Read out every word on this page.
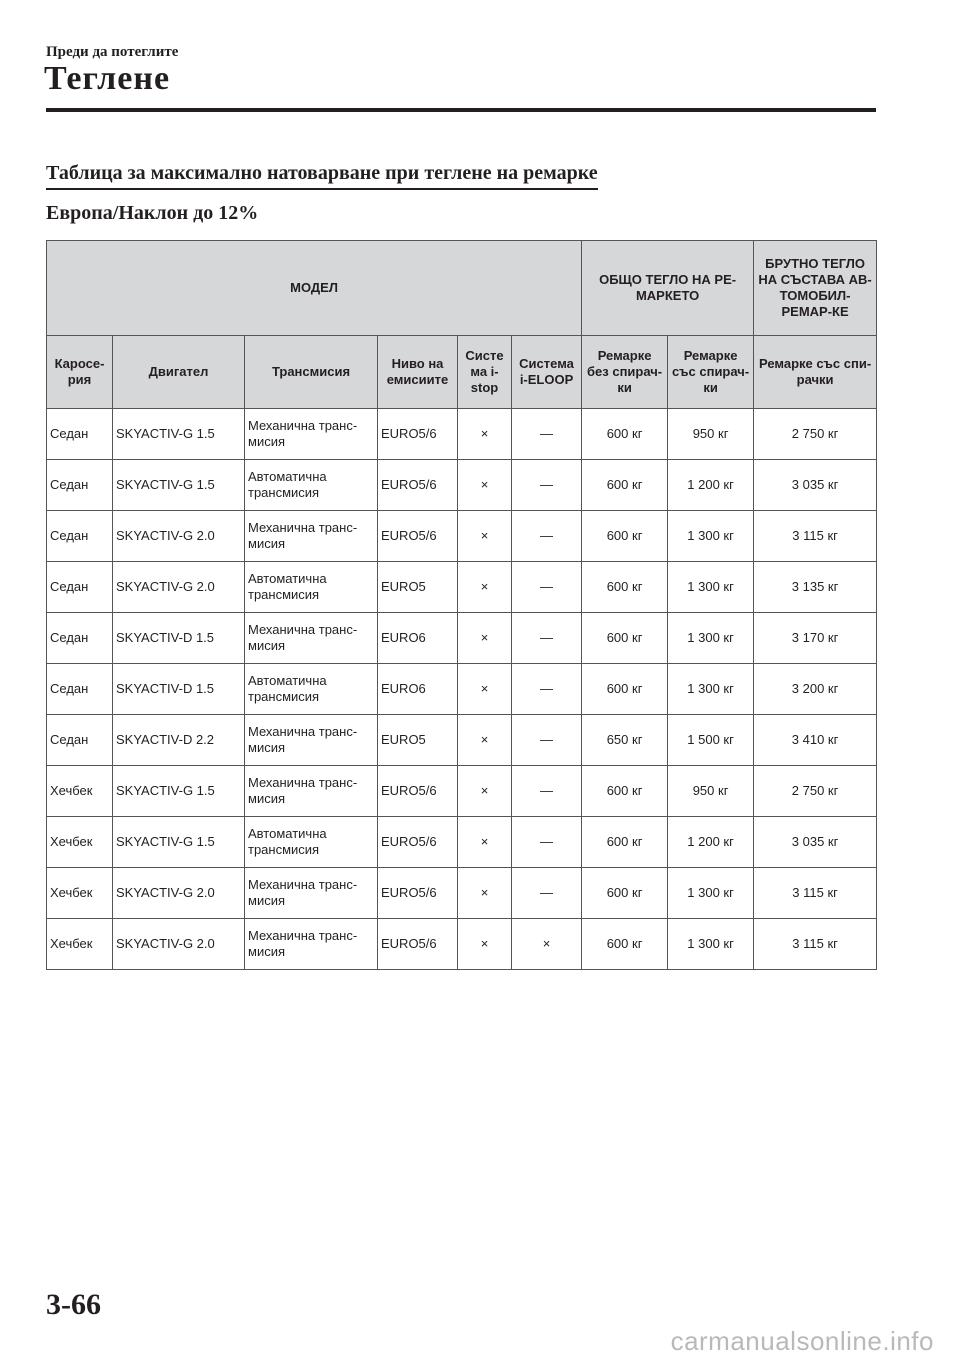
Преди да потеглите
Теглене
Таблица за максимално натоварване при теглене на ремарке
Европа/Наклон до 12%
МОДЕЛ						ОБЩО ТЕГЛО НА РЕ-МАРКЕТО		БРУТНО ТЕГЛО НА СЪСТАВА АВ-ТОМОБИЛ-РЕМАР-КЕ
Каросе-рия	Двигател	Трансмисия	Ниво на емисиите	Систе ма i-stop	Система i-ELOOP	Ремарке без спирач-ки	Ремарке със спирач-ки	Ремарке със спи-рачки
Седан	SKYACTIV-G 1.5	Механична транс-мисия	EURO5/6	×	—	600 кг	950 кг	2 750 кг
Седан	SKYACTIV-G 1.5	Автоматична трансмисия	EURO5/6	×	—	600 кг	1 200 кг	3 035 кг
Седан	SKYACTIV-G 2.0	Механична транс-мисия	EURO5/6	×	—	600 кг	1 300 кг	3 115 кг
Седан	SKYACTIV-G 2.0	Автоматична трансмисия	EURO5	×	—	600 кг	1 300 кг	3 135 кг
Седан	SKYACTIV-D 1.5	Механична транс-мисия	EURO6	×	—	600 кг	1 300 кг	3 170 кг
Седан	SKYACTIV-D 1.5	Автоматична трансмисия	EURO6	×	—	600 кг	1 300 кг	3 200 кг
Седан	SKYACTIV-D 2.2	Механична транс-мисия	EURO5	×	—	650 кг	1 500 кг	3 410 кг
Хечбек	SKYACTIV-G 1.5	Механична транс-мисия	EURO5/6	×	—	600 кг	950 кг	2 750 кг
Хечбек	SKYACTIV-G 1.5	Автоматична трансмисия	EURO5/6	×	—	600 кг	1 200 кг	3 035 кг
Хечбек	SKYACTIV-G 2.0	Механична транс-мисия	EURO5/6	×	—	600 кг	1 300 кг	3 115 кг
Хечбек	SKYACTIV-G 2.0	Механична транс-мисия	EURO5/6	×	×	600 кг	1 300 кг	3 115 кг
3-66
carmanualsonline.info
